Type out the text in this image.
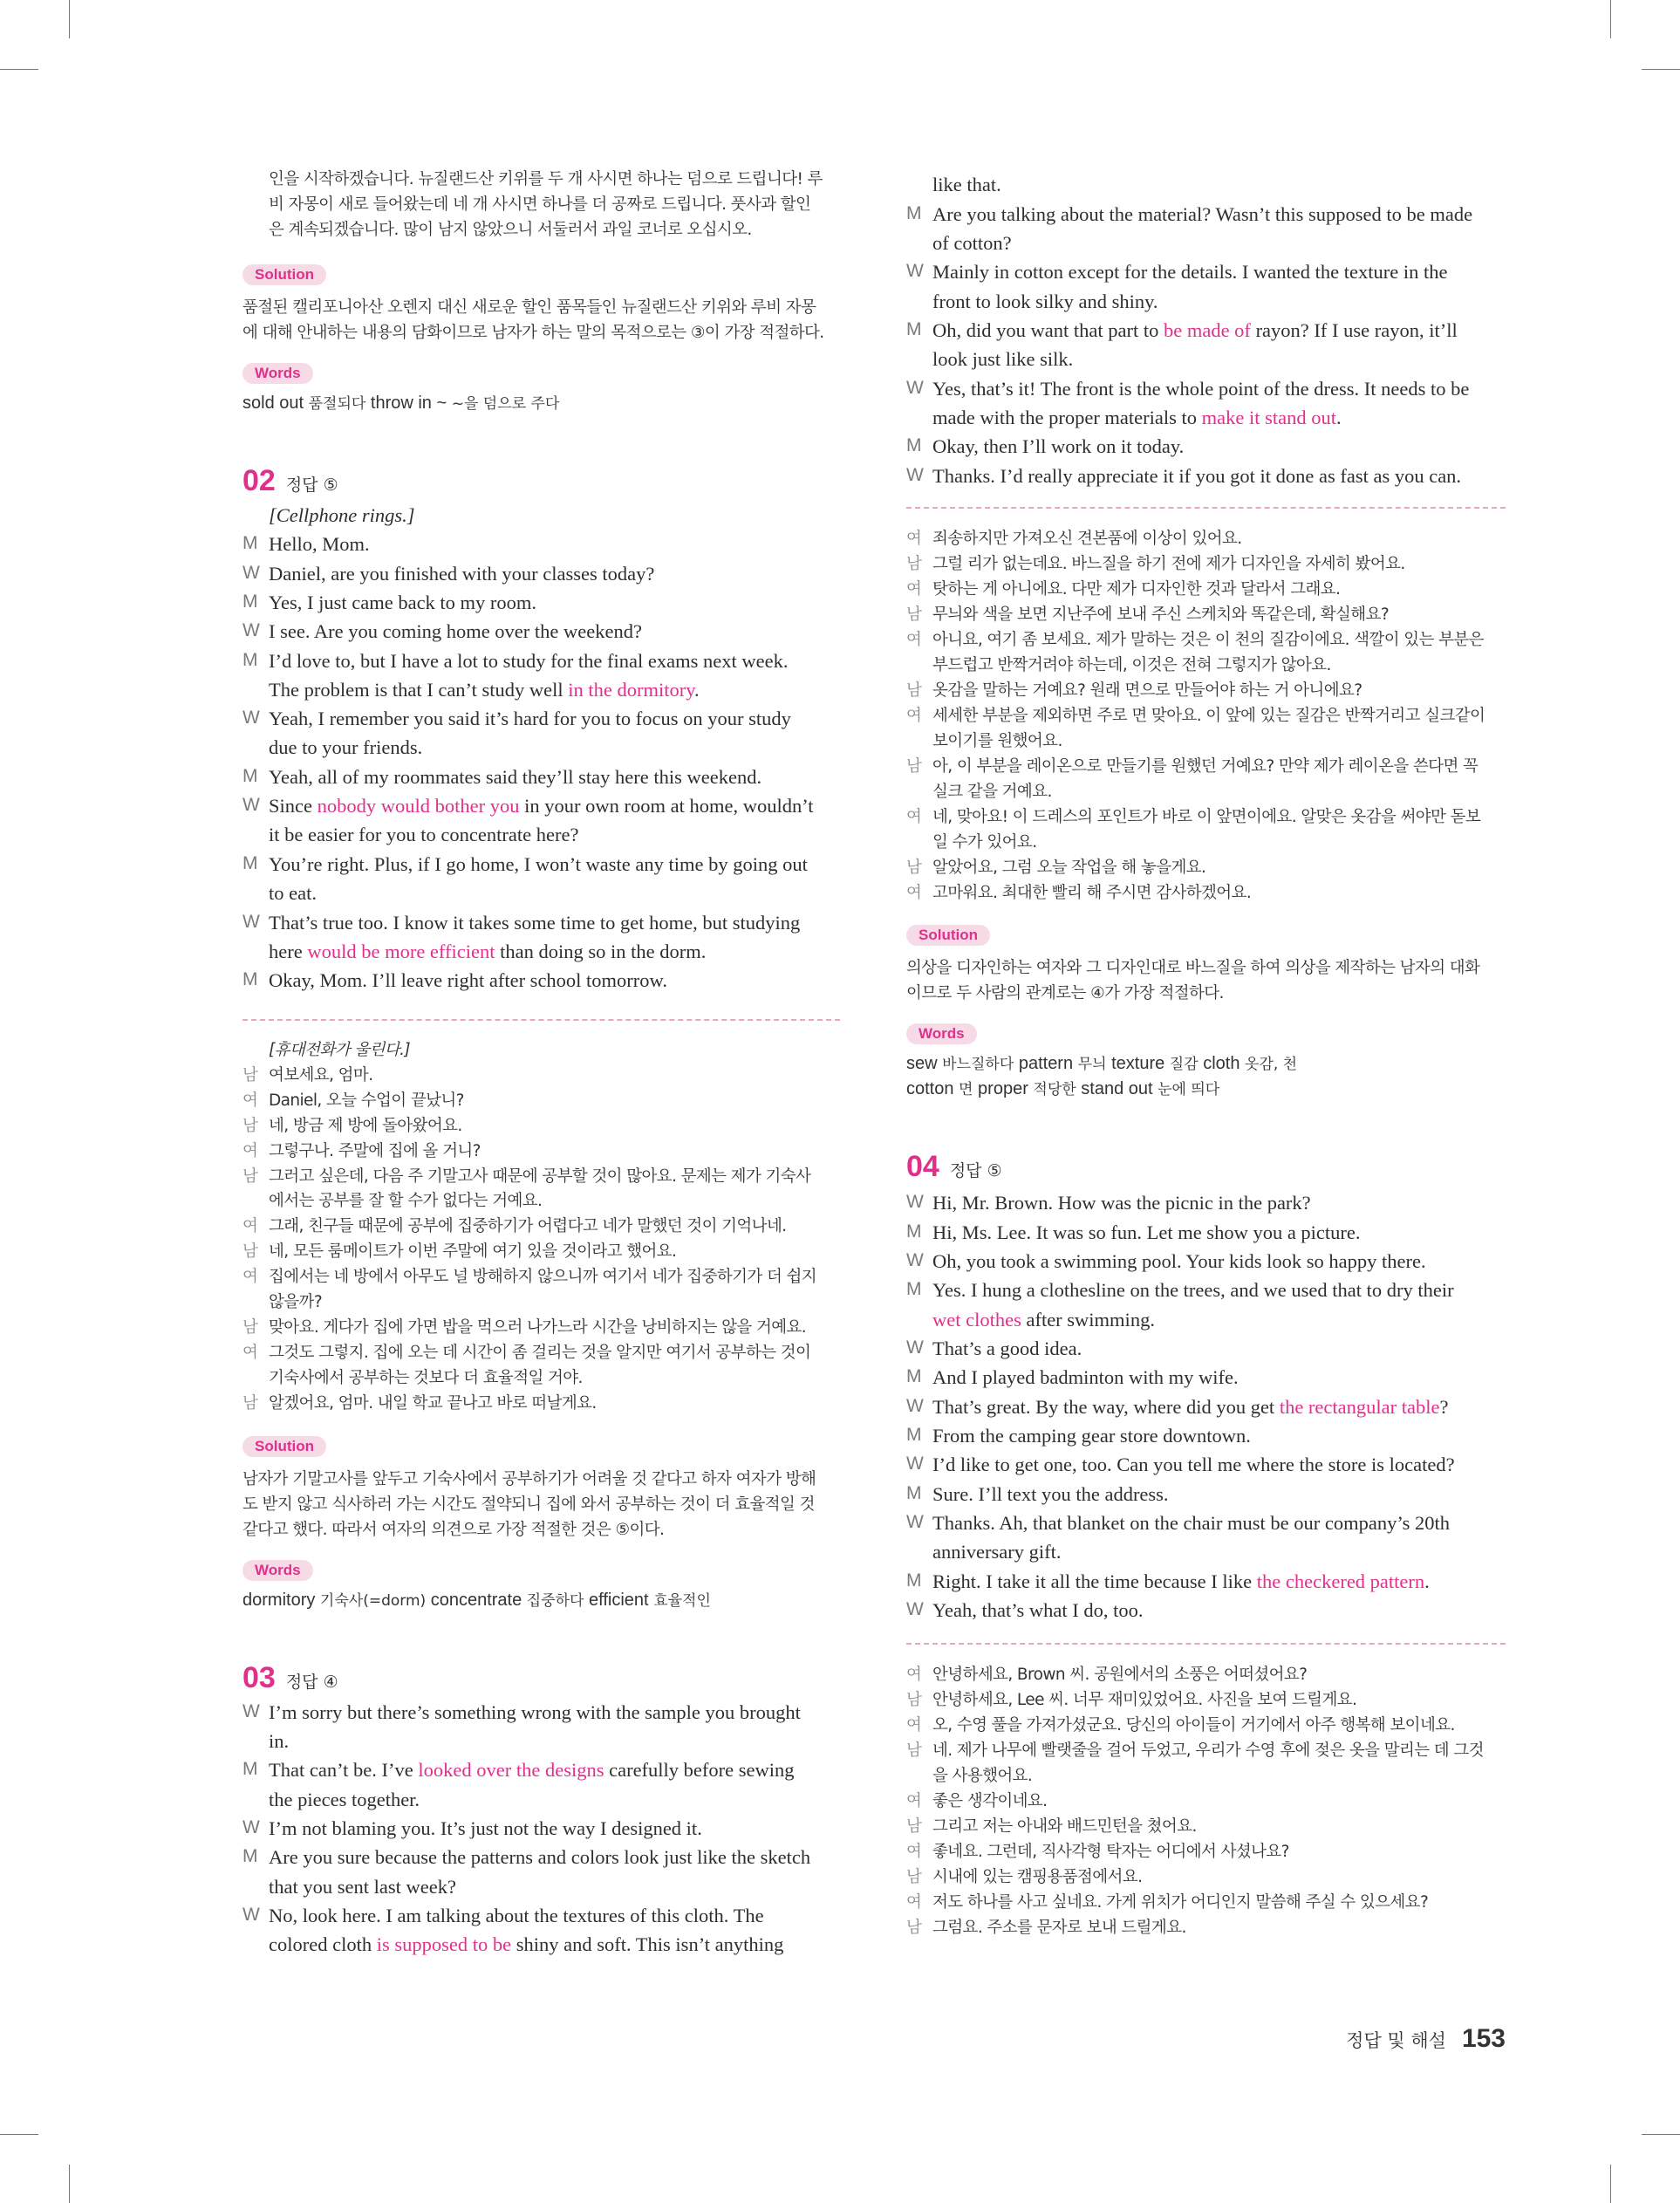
인을 시작하겠습니다. 뉴질랜드산 키위를 두 개 사시면 하나는 덤으로 드립니다! 루
비 자몽이 새로 들어왔는데 네 개 사시면 하나를 더 공짜로 드립니다. 풋사과 할인
은 계속되겠습니다. 많이 남지 않았으니 서둘러서 과일 코너로 오십시오.
Solution
품절된 캘리포니아산 오렌지 대신 새로운 할인 품목들인 뉴질랜드산 키위와 루비 자몽
에 대해 안내하는 내용의 담화이므로 남자가 하는 말의 목적으로는 ③이 가장 적절하다.
Words
sold out 품절되다 throw in ~ ~을 덤으로 주다
02 정답 ⑤
[Cellphone rings.]
M Hello, Mom.
W Daniel, are you finished with your classes today?
M Yes, I just came back to my room.
W I see. Are you coming home over the weekend?
M I’d love to, but I have a lot to study for the final exams next week.
The problem is that I can’t study well in the dormitory.
W Yeah, I remember you said it’s hard for you to focus on your study
due to your friends.
M Yeah, all of my roommates said they’ll stay here this weekend.
W Since nobody would bother you in your own room at home, wouldn’t
it be easier for you to concentrate here?
M You’re right. Plus, if I go home, I won’t waste any time by going out
to eat.
W That’s true too. I know it takes some time to get home, but studying
here would be more efficient than doing so in the dorm.
M Okay, Mom. I’ll leave right after school tomorrow.
[휴대전화가 울린다.]
남 여보세요, 엄마.
여 Daniel, 오늘 수업이 끝났니?
남 네, 방금 제 방에 돌아왔어요.
여 그렇구나. 주말에 집에 올 거니?
남 그러고 싶은데, 다음 주 기말고사 때문에 공부할 것이 많아요. 문제는 제가 기숙사
에서는 공부를 잘 할 수가 없다는 거예요.
여 그래, 친구들 때문에 공부에 집중하기가 어렵다고 네가 말했던 것이 기억나네.
남 네, 모든 룸메이트가 이번 주말에 여기 있을 것이라고 했어요.
여 집에서는 네 방에서 아무도 널 방해하지 않으니까 여기서 네가 집중하기가 더 쉽지
않을까?
남 맞아요. 게다가 집에 가면 밥을 먹으러 나가느라 시간을 낭비하지는 않을 거예요.
여 그것도 그렇지. 집에 오는 데 시간이 좀 걸리는 것을 알지만 여기서 공부하는 것이
기숙사에서 공부하는 것보다 더 효율적일 거야.
남 알겠어요, 엄마. 내일 학교 끝나고 바로 떠날게요.
Solution
남자가 기말고사를 앞두고 기숙사에서 공부하기가 어려울 것 같다고 하자 여자가 방해
도 받지 않고 식사하러 가는 시간도 절약되니 집에 와서 공부하는 것이 더 효율적일 것
같다고 했다. 따라서 여자의 의견으로 가장 적절한 것은 ⑤이다.
Words
dormitory 기숙사(=dorm) concentrate 집중하다 efficient 효율적인
03 정답 ④
W I’m sorry but there’s something wrong with the sample you brought
in.
M That can’t be. I’ve looked over the designs carefully before sewing
the pieces together.
W I’m not blaming you. It’s just not the way I designed it.
M Are you sure because the patterns and colors look just like the sketch
that you sent last week?
W No, look here. I am talking about the textures of this cloth. The
colored cloth is supposed to be shiny and soft. This isn’t anything
like that.
M Are you talking about the material? Wasn’t this supposed to be made
of cotton?
W Mainly in cotton except for the details. I wanted the texture in the
front to look silky and shiny.
M Oh, did you want that part to be made of rayon? If I use rayon, it’ll
look just like silk.
W Yes, that’s it! The front is the whole point of the dress. It needs to be
made with the proper materials to make it stand out.
M Okay, then I’ll work on it today.
W Thanks. I’d really appreciate it if you got it done as fast as you can.
여 죄송하지만 가져오신 견본품에 이상이 있어요.
남 그럴 리가 없는데요. 바느질을 하기 전에 제가 디자인을 자세히 봤어요.
여 탓하는 게 아니에요. 다만 제가 디자인한 것과 달라서 그래요.
남 무늬와 색을 보면 지난주에 보내 주신 스케치와 똑같은데, 확실해요?
여 아니요, 여기 좀 보세요. 제가 말하는 것은 이 천의 질감이에요. 색깔이 있는 부분은
부드럽고 반짝거려야 하는데, 이것은 전혀 그렇지가 않아요.
남 옷감을 말하는 거예요? 원래 면으로 만들어야 하는 거 아니에요?
여 세세한 부분을 제외하면 주로 면 맞아요. 이 앞에 있는 질감은 반짝거리고 실크같이
보이기를 원했어요.
남 아, 이 부분을 레이온으로 만들기를 원했던 거예요? 만약 제가 레이온을 쓴다면 꼭
실크 같을 거예요.
여 네, 맞아요! 이 드레스의 포인트가 바로 이 앞면이에요. 알맞은 옷감을 써야만 돋보
일 수가 있어요.
남 알았어요, 그럼 오늘 작업을 해 놓을게요.
여 고마워요. 최대한 빨리 해 주시면 감사하겠어요.
Solution
의상을 디자인하는 여자와 그 디자인대로 바느질을 하여 의상을 제작하는 남자의 대화
이므로 두 사람의 관계로는 ④가 가장 적절하다.
Words
sew 바느질하다 pattern 무늬 texture 질감 cloth 옷감, 천
cotton 면 proper 적당한 stand out 눈에 띄다
04 정답 ⑤
W Hi, Mr. Brown. How was the picnic in the park?
M Hi, Ms. Lee. It was so fun. Let me show you a picture.
W Oh, you took a swimming pool. Your kids look so happy there.
M Yes. I hung a clothesline on the trees, and we used that to dry their
wet clothes after swimming.
W That’s a good idea.
M And I played badminton with my wife.
W That’s great. By the way, where did you get the rectangular table?
M From the camping gear store downtown.
W I’d like to get one, too. Can you tell me where the store is located?
M Sure. I’ll text you the address.
W Thanks. Ah, that blanket on the chair must be our company’s 20th
anniversary gift.
M Right. I take it all the time because I like the checkered pattern.
W Yeah, that’s what I do, too.
여 안녕하세요, Brown 씨. 공원에서의 소풍은 어떠셨어요?
남 안녕하세요, Lee 씨. 너무 재미있었어요. 사진을 보여 드릴게요.
여 오, 수영 풀을 가져가셨군요. 당신의 아이들이 거기에서 아주 행복해 보이네요.
남 네. 제가 나무에 빨랫줄을 걸어 두었고, 우리가 수영 후에 젖은 옷을 말리는 데 그것
을 사용했어요.
여 좋은 생각이네요.
남 그리고 저는 아내와 배드민턴을 쳤어요.
여 좋네요. 그런데, 직사각형 탁자는 어디에서 사셨나요?
남 시내에 있는 캠핑용품점에서요.
여 저도 하나를 사고 싶네요. 가게 위치가 어디인지 말씀해 주실 수 있으세요?
남 그럼요. 주소를 문자로 보내 드릴게요.
정답 및 해설 153
